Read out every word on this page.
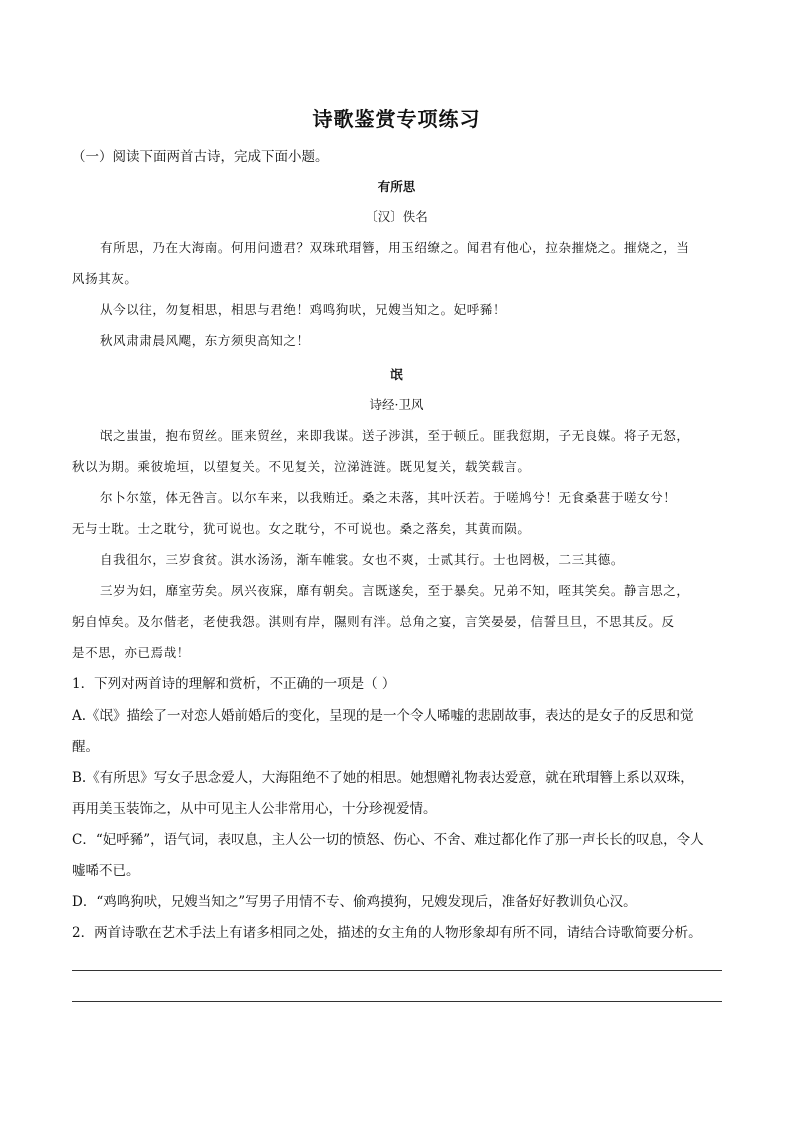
诗歌鉴赏专项练习
（一）阅读下面两首古诗，完成下面小题。
有所思
〔汉〕佚名
有所思，乃在大海南。何用问遗君？双珠玳瑁簪，用玉绍缭之。闻君有他心，拉杂摧烧之。摧烧之，当
风扬其灰。
从今以往，勿复相思，相思与君绝！鸡鸣狗吠，兄嫂当知之。妃呼豨！
秋风肃肃晨风飔，东方须臾高知之！
氓
诗经·卫风
氓之蚩蚩，抱布贸丝。匪来贸丝，来即我谋。送子涉淇，至于顿丘。匪我愆期，子无良媒。将子无怒，
秋以为期。乘彼垝垣，以望复关。不见复关，泣涕涟涟。既见复关，载笑载言。
尔卜尔筮，体无咎言。以尔车来，以我贿迁。桑之未落，其叶沃若。于嗟鸠兮！无食桑葚于嗟女兮！
无与士耽。士之耽兮，犹可说也。女之耽兮，不可说也。桑之落矣，其黄而陨。
自我徂尔，三岁食贫。淇水汤汤，渐车帷裳。女也不爽，士贰其行。士也罔极，二三其德。
三岁为妇，靡室劳矣。夙兴夜寐，靡有朝矣。言既遂矣，至于暴矣。兄弟不知，咥其笑矣。静言思之，
躬自悼矣。及尔偕老，老使我怨。淇则有岸，隰则有泮。总角之宴，言笑晏晏，信誓旦旦，不思其反。反
是不思，亦已焉哉！
1．下列对两首诗的理解和赏析，不正确的一项是（ ）
A.《氓》描绘了一对恋人婚前婚后的变化，呈现的是一个令人唏嘘的悲剧故事，表达的是女子的反思和觉
醒。
B.《有所思》写女子思念爱人，大海阻绝不了她的相思。她想赠礼物表达爱意，就在玳瑁簪上系以双珠，
再用美玉装饰之，从中可见主人公非常用心，十分珍视爱情。
C．“妃呼豨”，语气词，表叹息，主人公一切的愤怒、伤心、不舍、难过都化作了那一声长长的叹息，令人
嘘唏不已。
D．“鸡鸣狗吠，兄嫂当知之”写男子用情不专、偷鸡摸狗，兄嫂发现后，准备好好教训负心汉。
2．两首诗歌在艺术手法上有诸多相同之处，描述的女主角的人物形象却有所不同，请结合诗歌简要分析。
